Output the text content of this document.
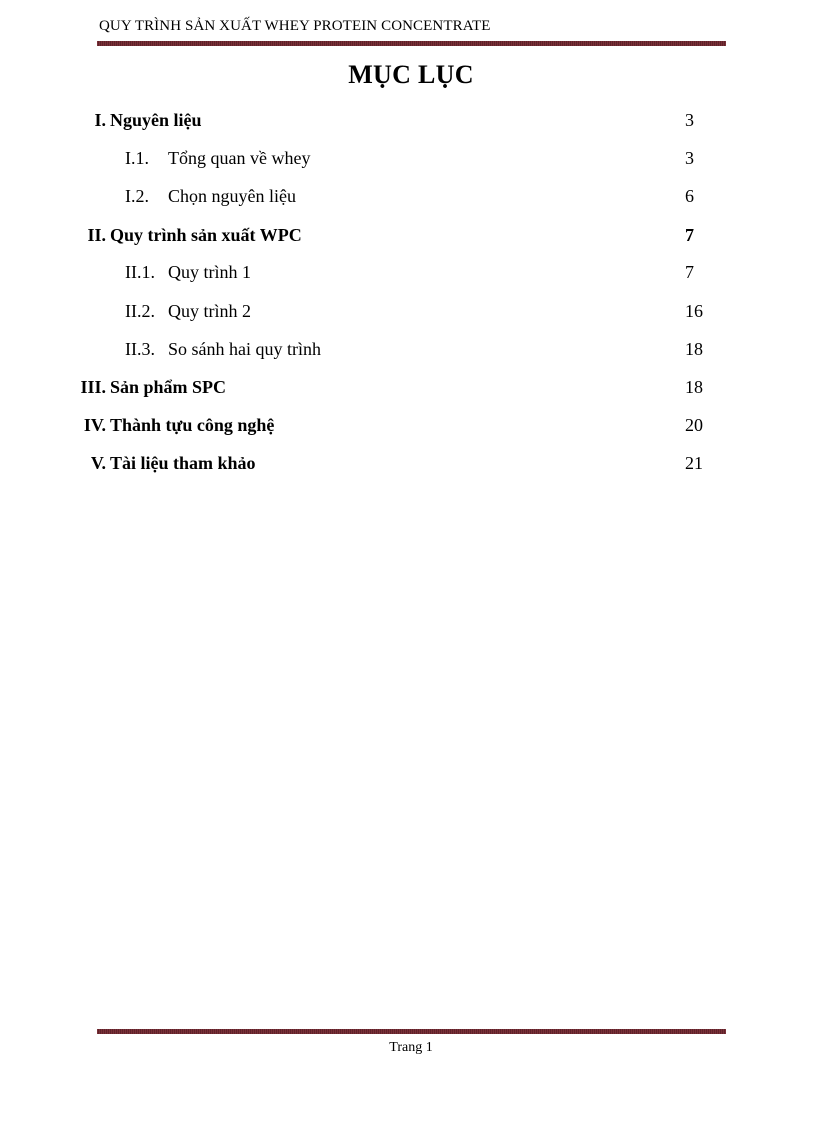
QUY TRÌNH SẢN XUẤT WHEY PROTEIN CONCENTRATE
MỤC LỤC
I. Nguyên liệu	3
I.1. Tổng quan về whey	3
I.2. Chọn nguyên liệu	6
II. Quy trình sản xuất WPC	7
II.1. Quy trình 1	7
II.2. Quy trình 2	16
II.3. So sánh hai quy trình	18
III. Sản phẩm SPC	18
IV. Thành tựu công nghệ	20
V. Tài liệu tham khảo	21
Trang 1
